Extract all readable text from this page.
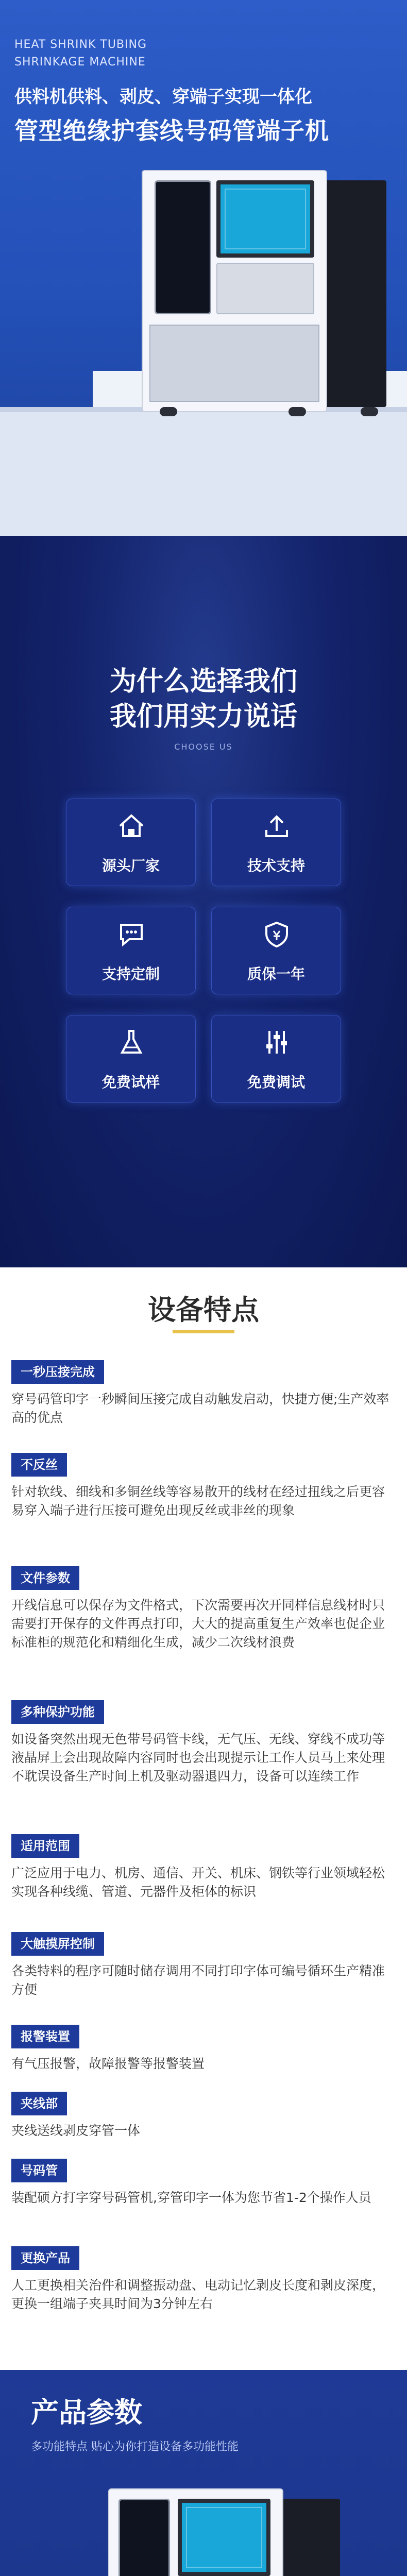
HEAT SHRINK TUBING
SHRINKAGE MACHINE
供料机供料、剥皮、穿端子实现一体化
管型绝缘护套线号码管端子机
为什么选择我们
我们用实力说话
CHOOSE US
源头厂家	技术支持
支持定制	质保一年
免费试样	免费调试
设备特点
一秒压接完成
穿号码管印字一秒瞬间压接完成自动触发启动，快捷方便;生产效率高的优点
不反丝
针对软线、细线和多铜丝线等容易散开的线材在经过扭线之后更容易穿入端子进行压接可避免出现反丝或非丝的现象
文件参数
开线信息可以保存为文件格式，下次需要再次开同样信息线材时只需要打开保存的文件再点打印，大大的提高重复生产效率也促企业标准柜的规范化和精细化生成，减少二次线材浪费
多种保护功能
如设备突然出现无色带号码管卡线，无气压、无线、穿线不成功等液晶屏上会出现故障内容同时也会出现提示让工作人员马上来处理不耽误设备生产时间上机及驱动器退四力，设备可以连续工作
适用范围
广泛应用于电力、机房、通信、开关、机床、钢铁等行业领域轻松实现各种线缆、管道、元器件及柜体的标识
大触摸屏控制
各类特料的程序可随时储存调用不同打印字体可编号循环生产精准方便
报警装置
有气压报警，故障报警等报警装置
夹线部
夹线送线剥皮穿管一体
号码管
装配硕方打字穿号码管机,穿管印字一体为您节省1-2个操作人员
更换产品
人工更换相关治件和调整振动盘、电动记忆剥皮长度和剥皮深度，更换一组端子夹具时间为3分钟左右
产品参数
多功能特点 贴心为你打造设备多功能性能
